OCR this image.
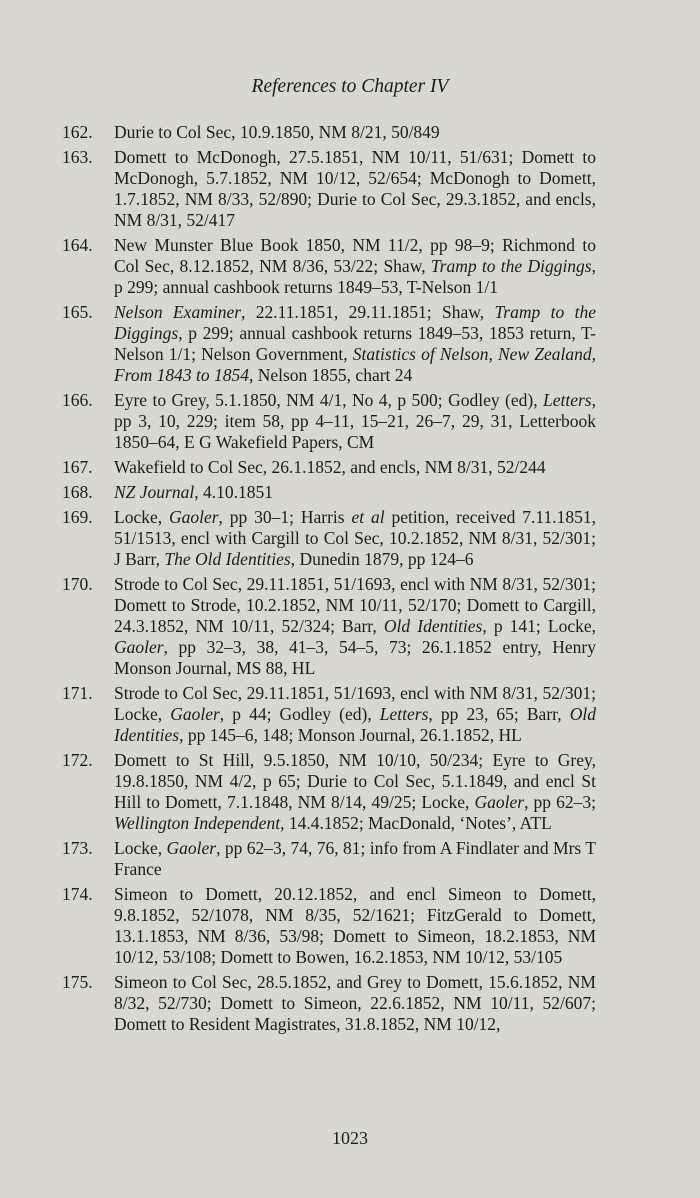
References to Chapter IV
162.	Durie to Col Sec, 10.9.1850, NM 8/21, 50/849
163.	Domett to McDonogh, 27.5.1851, NM 10/11, 51/631; Domett to McDonogh, 5.7.1852, NM 10/12, 52/654; McDonogh to Domett, 1.7.1852, NM 8/33, 52/890; Durie to Col Sec, 29.3.1852, and encls, NM 8/31, 52/417
164.	New Munster Blue Book 1850, NM 11/2, pp 98–9; Richmond to Col Sec, 8.12.1852, NM 8/36, 53/22; Shaw, Tramp to the Diggings, p 299; annual cashbook returns 1849–53, T-Nelson 1/1
165.	Nelson Examiner, 22.11.1851, 29.11.1851; Shaw, Tramp to the Diggings, p 299; annual cashbook returns 1849–53, 1853 return, T-Nelson 1/1; Nelson Government, Statistics of Nelson, New Zealand, From 1843 to 1854, Nelson 1855, chart 24
166.	Eyre to Grey, 5.1.1850, NM 4/1, No 4, p 500; Godley (ed), Letters, pp 3, 10, 229; item 58, pp 4–11, 15–21, 26–7, 29, 31, Letterbook 1850–64, E G Wakefield Papers, CM
167.	Wakefield to Col Sec, 26.1.1852, and encls, NM 8/31, 52/244
168.	NZ Journal, 4.10.1851
169.	Locke, Gaoler, pp 30–1; Harris et al petition, received 7.11.1851, 51/1513, encl with Cargill to Col Sec, 10.2.1852, NM 8/31, 52/301; J Barr, The Old Identities, Dunedin 1879, pp 124–6
170.	Strode to Col Sec, 29.11.1851, 51/1693, encl with NM 8/31, 52/301; Domett to Strode, 10.2.1852, NM 10/11, 52/170; Domett to Cargill, 24.3.1852, NM 10/11, 52/324; Barr, Old Identities, p 141; Locke, Gaoler, pp 32–3, 38, 41–3, 54–5, 73; 26.1.1852 entry, Henry Monson Journal, MS 88, HL
171.	Strode to Col Sec, 29.11.1851, 51/1693, encl with NM 8/31, 52/301; Locke, Gaoler, p 44; Godley (ed), Letters, pp 23, 65; Barr, Old Identities, pp 145–6, 148; Monson Journal, 26.1.1852, HL
172.	Domett to St Hill, 9.5.1850, NM 10/10, 50/234; Eyre to Grey, 19.8.1850, NM 4/2, p 65; Durie to Col Sec, 5.1.1849, and encl St Hill to Domett, 7.1.1848, NM 8/14, 49/25; Locke, Gaoler, pp 62–3; Wellington Independent, 14.4.1852; MacDonald, ‘Notes’, ATL
173.	Locke, Gaoler, pp 62–3, 74, 76, 81; info from A Findlater and Mrs T France
174.	Simeon to Domett, 20.12.1852, and encl Simeon to Domett, 9.8.1852, 52/1078, NM 8/35, 52/1621; FitzGerald to Domett, 13.1.1853, NM 8/36, 53/98; Domett to Simeon, 18.2.1853, NM 10/12, 53/108; Domett to Bowen, 16.2.1853, NM 10/12, 53/105
175.	Simeon to Col Sec, 28.5.1852, and Grey to Domett, 15.6.1852, NM 8/32, 52/730; Domett to Simeon, 22.6.1852, NM 10/11, 52/607; Domett to Resident Magistrates, 31.8.1852, NM 10/12,
1023
